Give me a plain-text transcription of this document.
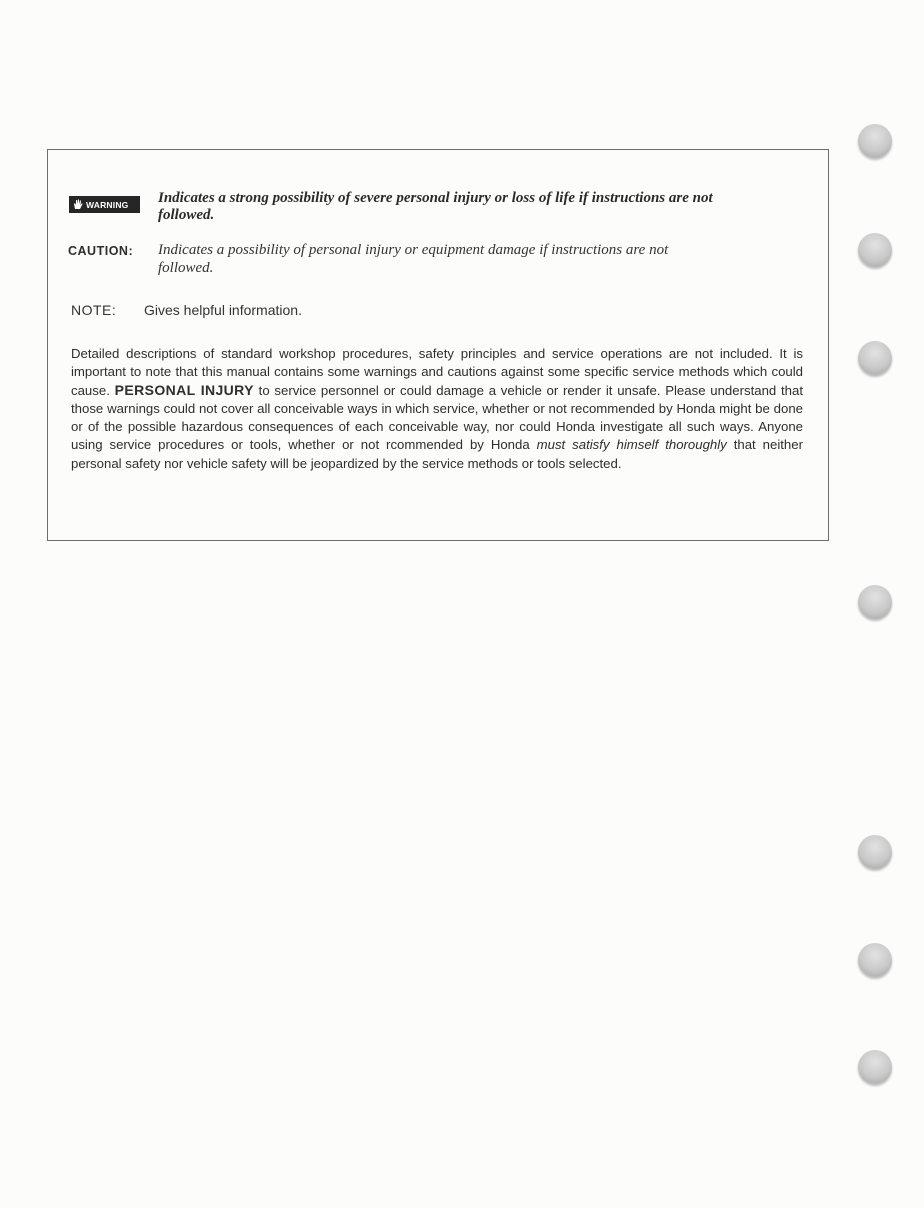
WARNING Indicates a strong possibility of severe personal injury or loss of life if instructions are not followed.
CAUTION: Indicates a possibility of personal injury or equipment damage if instructions are not followed.
NOTE: Gives helpful information.
Detailed descriptions of standard workshop procedures, safety principles and service operations are not included. It is important to note that this manual contains some warnings and cautions against some specific service methods which could cause. PERSONAL INJURY to service personnel or could damage a vehicle or render it unsafe. Please understand that those warnings could not cover all conceivable ways in which service, whether or not recommended by Honda might be done or of the possible hazardous consequences of each conceivable way, nor could Honda investigate all such ways. Anyone using service procedures or tools, whether or not rcommended by Honda must satisfy himself thoroughly that neither personal safety nor vehicle safety will be jeopardized by the service methods or tools selected.
